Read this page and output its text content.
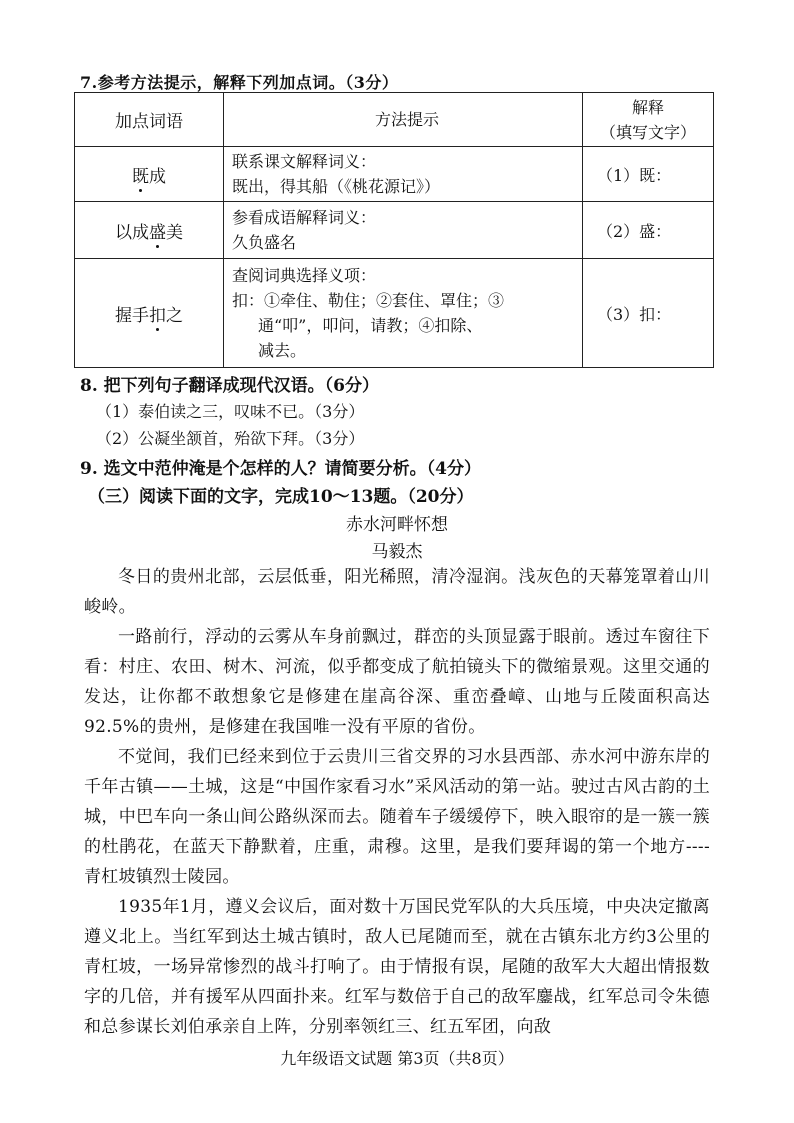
7.参考方法提示，解释下列加点词。（3分）
加点词语	方法提示	解释
（填写文字）

既成	联系课文解释词义：
既出，得其船（《桃花源记》）	（1）既：
以成盛美	参看成语解释词义：
久负盛名	（2）盛：
握手扣之	查阅词典选择义项：
扣：①牵住、勒住；②套住、罩住；③
通“叩”，叩问，请教；④扣除、
减去。	（3）扣：
8. 把下列句子翻译成现代汉语。（6分）
（1）泰伯读之三，叹味不已。（3分）
（2）公凝坐颔首，殆欲下拜。（3分）
9. 选文中范仲淹是个怎样的人？请简要分析。（4分）
（三）阅读下面的文字，完成10～13题。（20分）
赤水河畔怀想
马毅杰

冬日的贵州北部，云层低垂，阳光稀照，清冷湿润。浅灰色的天幕笼罩着山川峻岭。

一路前行，浮动的云雾从车身前飘过，群峦的头顶显露于眼前。透过车窗往下看：村庄、农田、树木、河流，似乎都变成了航拍镜头下的微缩景观。这里交通的发达，让你都不敢想象它是修建在崖高谷深、重峦叠嶂、山地与丘陵面积高达92.5%的贵州，是修建在我国唯一没有平原的省份。

不觉间，我们已经来到位于云贵川三省交界的习水县西部、赤水河中游东岸的千年古镇——土城，这是“中国作家看习水”采风活动的第一站。驶过古风古韵的土城，中巴车向一条山间公路纵深而去。随着车子缓缓停下，映入眼帘的是一簇一簇的杜鹃花，在蓝天下静默着，庄重，肃穆。这里，是我们要拜谒的第一个地方----青杠坡镇烈士陵园。

1935年1月，遵义会议后，面对数十万国民党军队的大兵压境，中央决定撤离遵义北上。当红军到达土城古镇时，敌人已尾随而至，就在古镇东北方约3公里的青杠坡，一场异常惨烈的战斗打响了。由于情报有误，尾随的敌军大大超出情报数字的几倍，并有援军从四面扑来。红军与数倍于自己的敌军鏖战，红军总司令朱德和总参谋长刘伯承亲自上阵，分别率领红三、红五军团，向敌

九年级语文试题 第3页（共8页）
